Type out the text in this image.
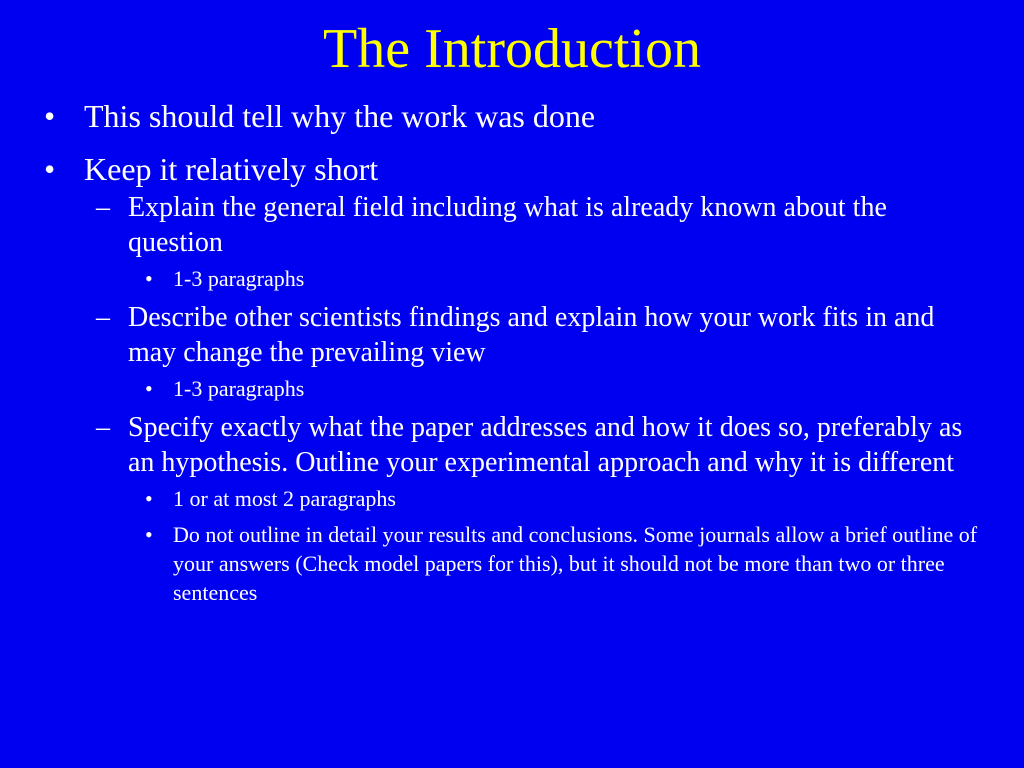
The Introduction
• This should tell why the work was done
• Keep it relatively short
– Explain the general field including what is already known about the question
• 1-3 paragraphs
– Describe other scientists findings and explain how your work fits in and may change the prevailing view
• 1-3 paragraphs
– Specify exactly what the paper addresses and how it does so, preferably as an hypothesis. Outline your experimental approach and why it is different
• 1 or at most 2 paragraphs
• Do not outline in detail your results and conclusions. Some journals allow a brief outline of your answers (Check model papers for this), but it should not be more than two or three sentences
